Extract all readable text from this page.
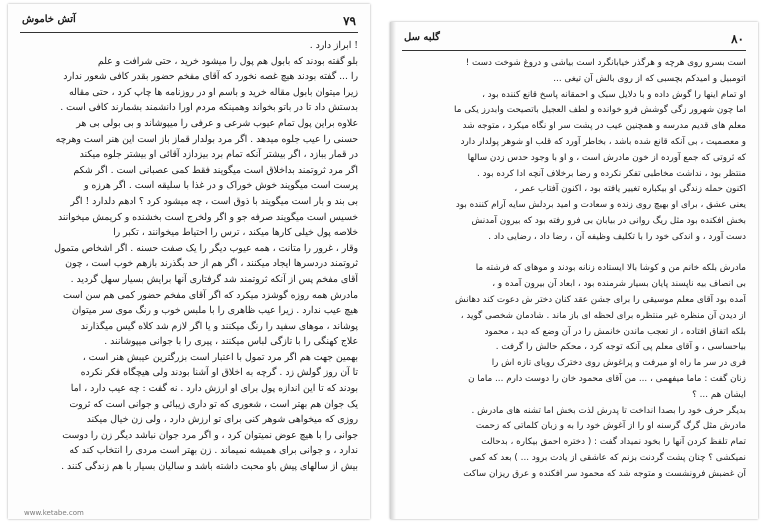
آتش خاموش	۷۹
! ابراز دارد .
بلو گفته بودند که بابول هم پول را میشود خرید ، حتی شرافت و علم
را ... گفته بودند هیچ غصه نخورد که آقای مفخم حضور بقدر کافی شعور ندارد
زیرا میتوان بابول مقاله خرید و باسم او در روزنامه ها چاپ کرد ، حتی مقاله
بدستش داد تا در باتو بخواند وهمینکه مردم اورا دانشمند بشمارند کافی است .
علاوه براین پول تمام عیوب شرعی و عرفی را میپوشاند و بی بولی بی هر
حسنی را عیب جلوه میدهد . اگر مرد بولدار قماز باز است این هنر است وهرچه
در قمار ببازد ، اگر بیشتر آنکه تمام برد بیزدازد آقائی او بیشتر جلوه میکند
اگر مرد ثروتمند بداخلاق است میگویند فقط کمی عصبانی است . اگر شکم
پرست است میگویند خوش خوراک و در غذا با سلیقه است . اگر هرزه و
بی بند و بار است میگویند با ذوق است ، چه میشود کرد ؟ ادهم دلدارد ! اگر
خسیس است میگویند صرفه جو و اگر ولخرج است بخشنده و کریمش میخوانند
خلاصه پول خیلی کارها میکند ، ترس را احتیاط میخوانند ، تکبر را
وقار ، غرور را متانت ، همه عیوب دیگر را یک صفت حسنه . اگر اشخاص متمول
ثروتمند دردسرها ایجاد میکنند ، اگر هم از حد بگذرند بازهم خوب است ، چون
آقای مفخم پس از آنکه ثروتمند شد گرفتاری آنها برایش بسیار سهل گردید .
مادرش همه روزه گوشزد میکرد که اگر آقای مفخم حضور کمی هم سن است
هیچ عیب ندارد . زیرا عیب ظاهری را با ملبس خوب و رنگ موی سر میتوان
پوشاند ، موهای سفید را رنگ میکنند و یا اگر لازم شد کلاه گیس میگذارند
علاج کهنگی را با تازگی لباس میکنند ، پیری را با جوانی میپوشانند .
بهمین جهت هم اگر مرد تمول با اعتبار است بزرگترین عیبش هنر است ،
تا آن روز گولش زد . گرچه به اخلاق او آشنا بودند ولی هیچگاه فکر نکرده
بودند که تا این اندازه پول برای او ارزش دارد . نه گفت : چه عیب دارد ، اما
یک جوان هم بهتر است ، شعوری که تو داری زیبائی و جوانی است که ثروت
روزی که میخواهی شوهر کنی برای تو ارزش دارد ، ولی زن خیال میکند
جوانی را با هیچ عوض نمیتوان کرد ، و اگر مرد جوان نباشد دیگر زن را دوست
ندارد ، و جوانی برای همیشه نمیماند . زن بهتر است مردی را انتخاب کند که
بیش از سالهای پیش باو محبت داشته باشد و سالیان بسیار با هم زندگی کنند .
www.ketabe.com
گلبه سل	۸۰
است بسرو روی هرچه و هرگذر خیابانگرد است بیاشی و دروغ شوخت دست !
اتومبیل و امیدکم بچسبی که از روی بالش آن تیغی ...
او تمام اینها را گوش داده و با دلایل سبک و احمقانه پاسخ قانع کننده بود ،
اما چون شهرور زگی گوشش فرو خوانده و لطف العجیل باتصیحت وابدرز یکی ما
معلم های قدیم مدرسه و همچنین عیب در پشت سر او نگاه میکرد ، متوجه شد
و معصمیت ، بی آنکه قانع شده باشد ، بخاطر آورد که قلب او شوهر پولدار دارد
که ثروتی که جمع آورده از خون مادرش است ، و او با وجود حدس زدن سالها
منتظر بود ، نداشت مخاطبی تفکر نکرده و رضا برخلاف آنچه ادا کرده بود .
اکنون حمله زندگی او بیکباره تغییر یافته بود ، اکنون آفتاب عمر ،
یعنی عشق ، برای او بهیچ روی زنده و سعادت و امید بردلش سایه آرام کننده بود
بخش افکنده بود مثل ریگ روانی در بیابان بی فرو رفته بود که بیرون آمدنش
دست آورد ، و اندکی خود را با تکلیف وظیفه آن ، رضا داد ، رضایی داد .

مادرش بلکه خانم من و کوشا بالا ایستاده زنانه بودند و موهای که فرشته ما
بی انصاف بیه ناپسند پایان بسیار شرمنده بود ، ابعاد آن بیرون آمده و ،
آمده بود آقای معلم موسیقی را برای جشن عقد کنان دختر ش دعوت کند دهانش
از دیدن آن منظره غیر منتظره برای لحظه ای باز ماند . شادمان شخصی گوید ،
بلکه اتفاق افتاده ، از تعجب ماندن خانمش را در آن وضع که دید ، محمود
بیاحساسی ، و آقای معلم پی آنکه توجه کرد ، محکم حالش را گرفت .
فری در سر ما راه او میرفت و پراغوش روی دخترک رویای تازه اش را
زنان گفت : ماما میفهمی ، ... من آقای محمود خان را دوست دارم ... ماما ن
ایشان هم ... ؟
بدیگر حرف خود را بصدا انداخت تا پدرش لذت بخش اما تشنه های مادرش .
مادرش مثل گرگ گرسنه او را از آغوش خود را به و زبان کلماتی که زحمت
تمام تلفظ کردن آنها را بخود نمیداد گفت : ( دختره احمق بیکاره ، بدحالت
نمیکشی ؟ چنان پشت گردنت بزنم که عاشقی از یادت برود ... ) بعد که کمی
آن غضبش فرونشست و متوجه شد که محمود سر افکنده و عرق ریزان ساکت
